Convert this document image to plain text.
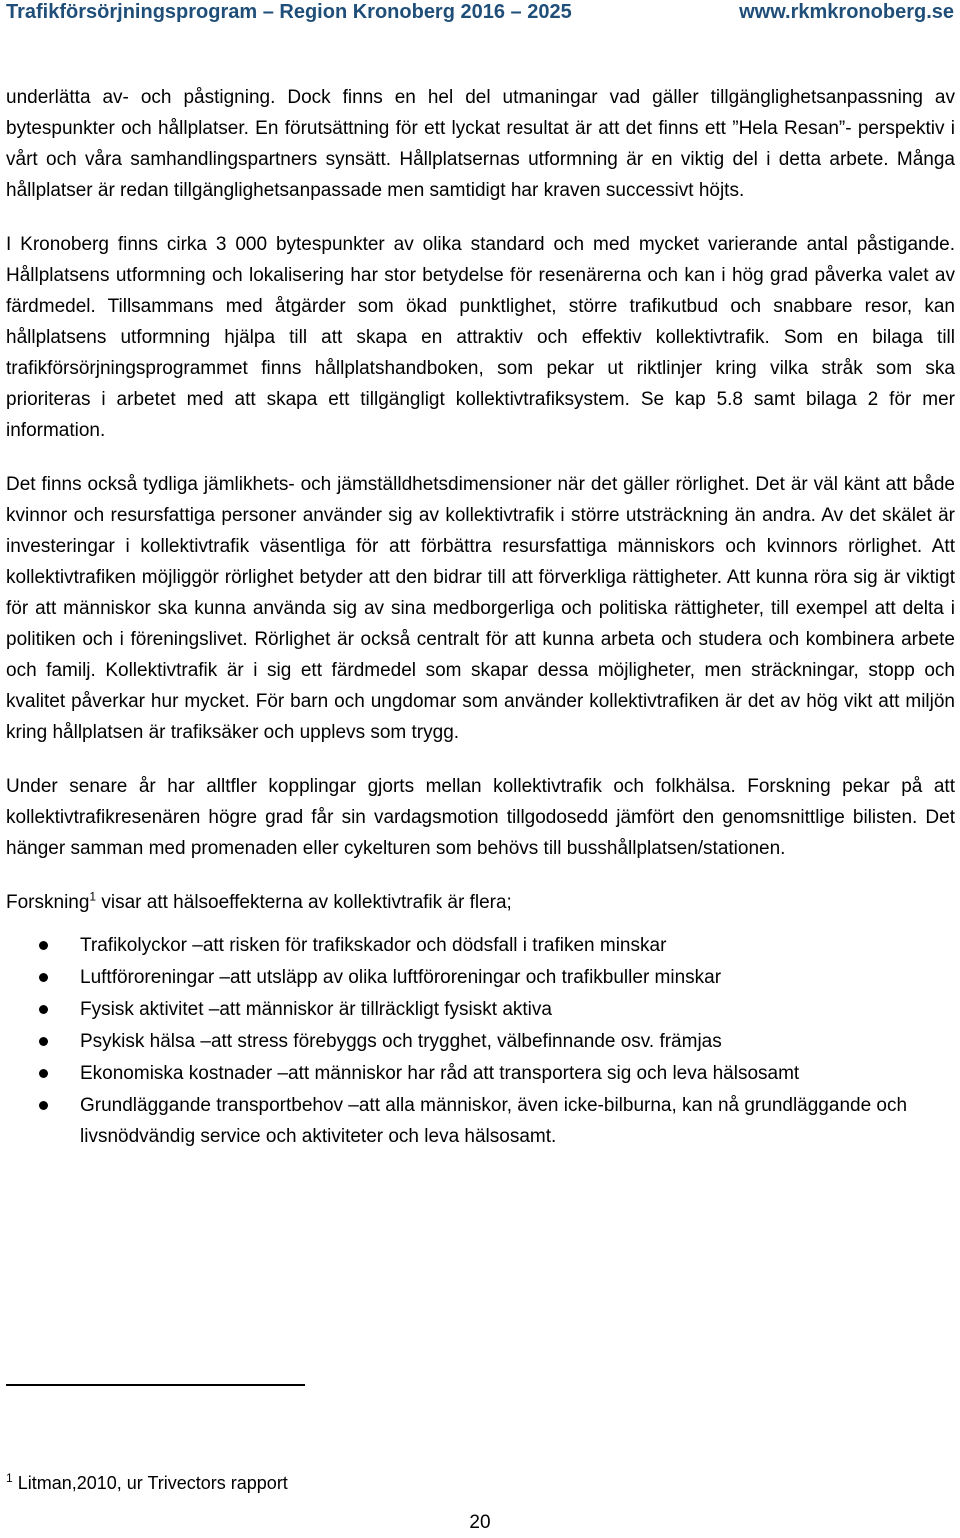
Trafikförsörjningsprogram – Region Kronoberg 2016 – 2025	www.rkmkronoberg.se

underlätta av- och påstigning. Dock finns en hel del utmaningar vad gäller tillgänglighetsanpassning av bytespunkter och hållplatser. En förutsättning för ett lyckat resultat är att det finns ett ”Hela Resan”- perspektiv i vårt och våra samhandlingspartners synsätt. Hållplatsernas utformning är en viktig del i detta arbete. Många hållplatser är redan tillgänglighetsanpassade men samtidigt har kraven successivt höjts.

I Kronoberg finns cirka 3 000 bytespunkter av olika standard och med mycket varierande antal påstigande. Hållplatsens utformning och lokalisering har stor betydelse för resenärerna och kan i hög grad påverka valet av färdmedel. Tillsammans med åtgärder som ökad punktlighet, större trafikutbud och snabbare resor, kan hållplatsens utformning hjälpa till att skapa en attraktiv och effektiv kollektivtrafik. Som en bilaga till trafikförsörjningsprogrammet finns hållplatshandboken, som pekar ut riktlinjer kring vilka stråk som ska prioriteras i arbetet med att skapa ett tillgängligt kollektivtrafiksystem. Se kap 5.8 samt bilaga 2 för mer information.

Det finns också tydliga jämlikhets- och jämställdhetsdimensioner när det gäller rörlighet. Det är väl känt att både kvinnor och resursfattiga personer använder sig av kollektivtrafik i större utsträckning än andra. Av det skälet är investeringar i kollektivtrafik väsentliga för att förbättra resursfattiga människors och kvinnors rörlighet. Att kollektivtrafiken möjliggör rörlighet betyder att den bidrar till att förverkliga rättigheter. Att kunna röra sig är viktigt för att människor ska kunna använda sig av sina medborgerliga och politiska rättigheter, till exempel att delta i politiken och i föreningslivet. Rörlighet är också centralt för att kunna arbeta och studera och kombinera arbete och familj. Kollektivtrafik är i sig ett färdmedel som skapar dessa möjligheter, men sträckningar, stopp och kvalitet påverkar hur mycket. För barn och ungdomar som använder kollektivtrafiken är det av hög vikt att miljön kring hållplatsen är trafiksäker och upplevs som trygg.

Under senare år har alltfler kopplingar gjorts mellan kollektivtrafik och folkhälsa. Forskning pekar på att kollektivtrafikresenären högre grad får sin vardagsmotion tillgodosedd jämfört den genomsnittlige bilisten. Det hänger samman med promenaden eller cykelturen som behövs till busshållplatsen/stationen.

Forskning$^1$ visar att hälsoeffekterna av kollektivtrafik är flera;

Trafikolyckor –att risken för trafikskador och dödsfall i trafiken minskar
Luftföroreningar –att utsläpp av olika luftföroreningar och trafikbuller minskar
Fysisk aktivitet –att människor är tillräckligt fysiskt aktiva
Psykisk hälsa –att stress förebyggs och trygghet, välbefinnande osv. främjas
Ekonomiska kostnader –att människor har råd att transportera sig och leva hälsosamt
Grundläggande transportbehov –att alla människor, även icke-bilburna, kan nå grundläggande och livsnödvändig service och aktiviteter och leva hälsosamt.
$^1$ Litman,2010, ur Trivectors rapport
20
